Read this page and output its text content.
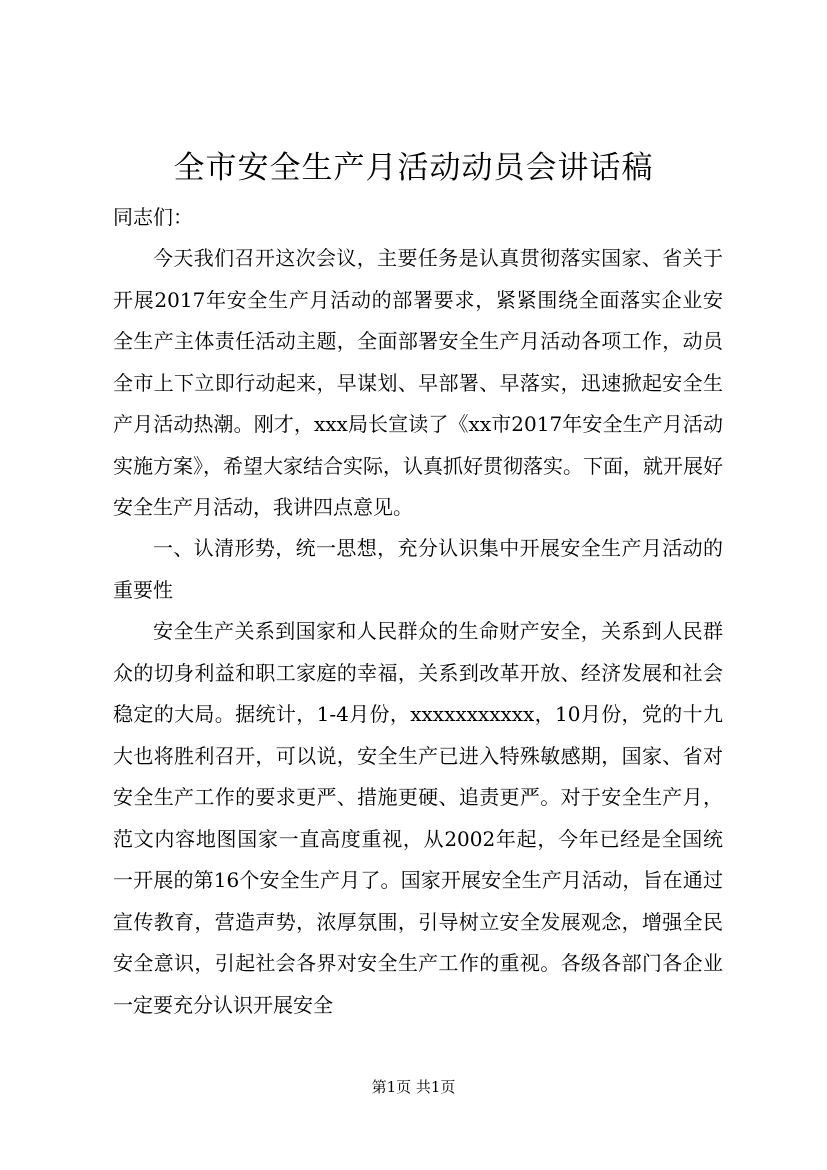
全市安全生产月活动动员会讲话稿
同志们：

今天我们召开这次会议，主要任务是认真贯彻落实国家、省关于开展2017年安全生产月活动的部署要求，紧紧围绕全面落实企业安全生产主体责任活动主题，全面部署安全生产月活动各项工作，动员全市上下立即行动起来，早谋划、早部署、早落实，迅速掀起安全生产月活动热潮。刚才，xxx局长宣读了《xx市2017年安全生产月活动实施方案》，希望大家结合实际，认真抓好贯彻落实。下面，就开展好安全生产月活动，我讲四点意见。

一、认清形势，统一思想，充分认识集中开展安全生产月活动的重要性

安全生产关系到国家和人民群众的生命财产安全，关系到人民群众的切身利益和职工家庭的幸福，关系到改革开放、经济发展和社会稳定的大局。据统计，1-4月份，xxxxxxxxxxx，10月份，党的十九大也将胜利召开，可以说，安全生产已进入特殊敏感期，国家、省对安全生产工作的要求更严、措施更硬、追责更严。对于安全生产月，范文内容地图国家一直高度重视，从2002年起，今年已经是全国统一开展的第16个安全生产月了。国家开展安全生产月活动，旨在通过宣传教育，营造声势，浓厚氛围，引导树立安全发展观念，增强全民安全意识，引起社会各界对安全生产工作的重视。各级各部门各企业一定要充分认识开展安全

第1页 共1页
